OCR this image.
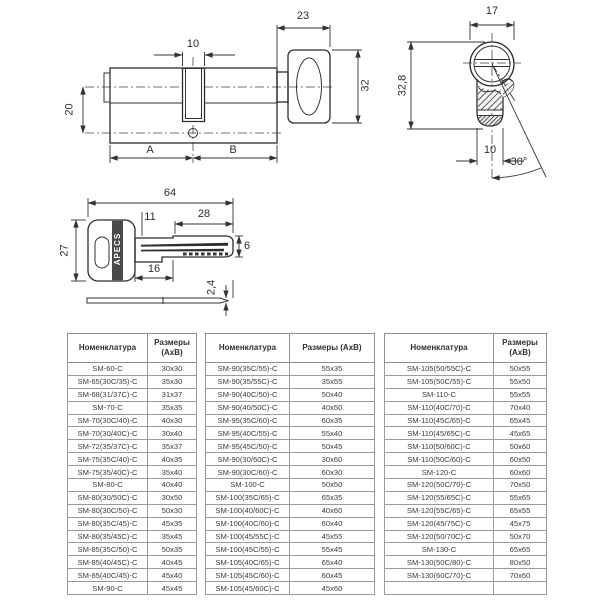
10
23
20
32
A	B
17
32,8
10
30°
64
11	28
27	6
16
2,4
APECS
Номенклатура	Размеры (АхВ)
SM-60-C	30x30
SM-65(30C/35)-C	35x30
SM-68(31/37C)-C	31x37
SM-70-C	35x35
SM-70(30C/40)-C	40x30
SM-70(30/40C)-C	30x40
SM-72(35/37C)-C	35x37
SM-75(35C/40)-C	40x35
SM-75(35/40C)-C	35x40
SM-80-C	40x40
SM-80(30/50C)-C	30x50
SM-80(30C/50)-C	50x30
SM-80(35C/45)-C	45x35
SM-80(35/45C)-C	35x45
SM-85(35C/50)-C	50x35
SM-85(40/45C)-C	40x45
SM-85(40C/45)-C	45x40
SM-90-C	45x45
Номенклатура	Размеры (АхВ)
SM-90(35C/55)-C	55x35
SM-90(35/55C)-C	35x55
SM-90(40C/50)-C	50x40
SM-90(40/50C)-C	40x50
SM-95(35C/60)-C	60x35
SM-95(40C/55)-C	55x40
SM-95(45C/50)-C	50x45
SM-90(30/60C)-C	30x60
SM-90(30C/60)-C	60x30
SM-100-C	50x50
SM-100(35C/65)-C	65x35
SM-100(40/60C)-C	40x60
SM-100(40C/60)-C	60x40
SM-100(45/55C)-C	45x55
SM-100(45C/55)-C	55x45
SM-105(40C/65)-C	65x40
SM-105(45C/60)-C	60x45
SM-105(45/60C)-C	45x60
Номенклатура	Размеры (АхВ)
SM-105(50/55C)-C	50x55
SM-105(50C/55)-C	55x50
SM-110-C	55x55
SM-110(40C/70)-C	70x40
SM-110(45C/65)-C	65x45
SM-110(45/65C)-C	45x65
SM-110(50/60C)-C	50x60
SM-110(50C/60)-C	60x50
SM-120-C	60x60
SM-120(50C/70)-C	70x50
SM-120(55/65C)-C	55x65
SM-120(55C/65)-C	65x55
SM-120(45/75C)-C	45x75
SM-120(50/70C)-C	50x70
SM-130-C	65x65
SM-130(50C/80)-C	80x50
SM-130(60C/70)-C	70x60
